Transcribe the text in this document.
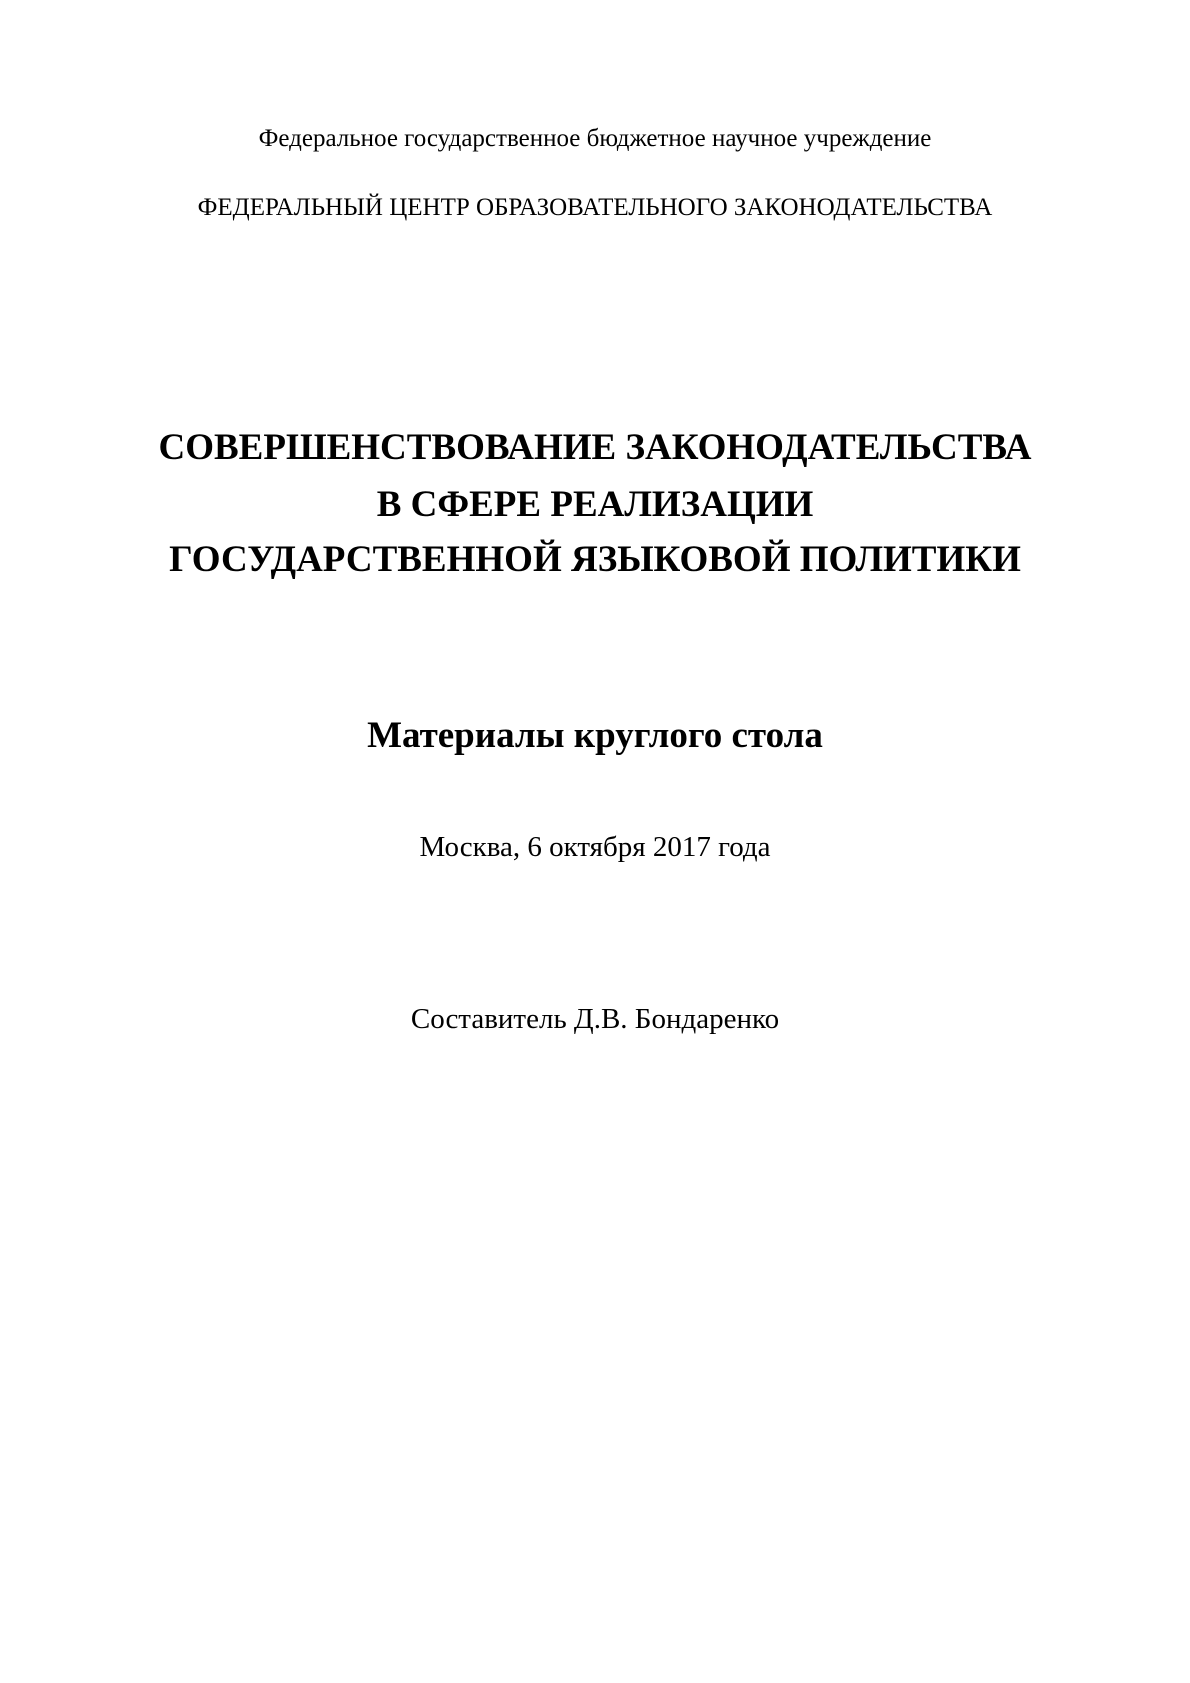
Федеральное государственное бюджетное научное учреждение
ФЕДЕРАЛЬНЫЙ ЦЕНТР ОБРАЗОВАТЕЛЬНОГО ЗАКОНОДАТЕЛЬСТВА
СОВЕРШЕНСТВОВАНИЕ ЗАКОНОДАТЕЛЬСТВА
В СФЕРЕ РЕАЛИЗАЦИИ
ГОСУДАРСТВЕННОЙ ЯЗЫКОВОЙ ПОЛИТИКИ
Материалы круглого стола
Москва, 6 октября 2017 года
Составитель Д.В. Бондаренко
